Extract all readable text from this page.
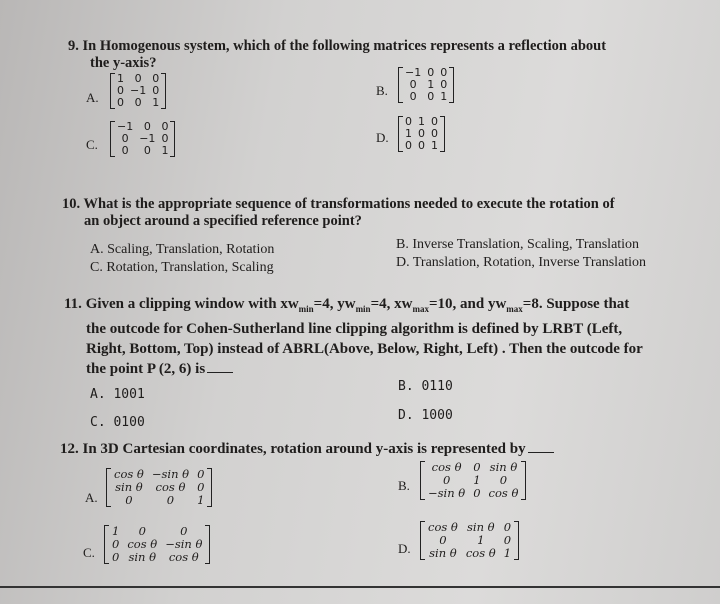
9. In Homogenous system, which of the following matrices represents a reflection about
the y-axis?
A.
1	0	0
0	−1	0
0	0	1
B.
−1	0	0
0	1	0
0	0	1
C.
−1	0	0
0	−1	0
0	0	1
D.
0	1	0
1	0	0
0	0	1
10. What is the appropriate sequence of transformations needed to execute the rotation of
an object around a specified reference point?
A. Scaling, Translation, Rotation	B. Inverse Translation, Scaling, Translation
C. Rotation, Translation, Scaling	D. Translation, Rotation, Inverse Translation
11. Given a clipping window with $xw_{min}=4$, $yw_{min}=4$, $xw_{max}=10$, and $yw_{max}=8$. Suppose that
the outcode for Cohen-Sutherland line clipping algorithm is defined by LRBT (Left,
Right, Bottom, Top) instead of ABRL(Above, Below, Right, Left) . Then the outcode for
the point P (2, 6) is
A. 1001
B. 0110
C. 0100	D. 1000
12. In 3D Cartesian coordinates, rotation around y-axis is represented by
A.
cos θ	−sin θ	0
sin θ	cos θ	0
0	0	1
B.
cos θ	0	sin θ
0	1	0
−sin θ	0	cos θ
C.
1	0	0
0	cos θ	−sin θ
0	sin θ	cos θ
D.
cos θ	sin θ	0
0	1	0
sin θ	cos θ	1
